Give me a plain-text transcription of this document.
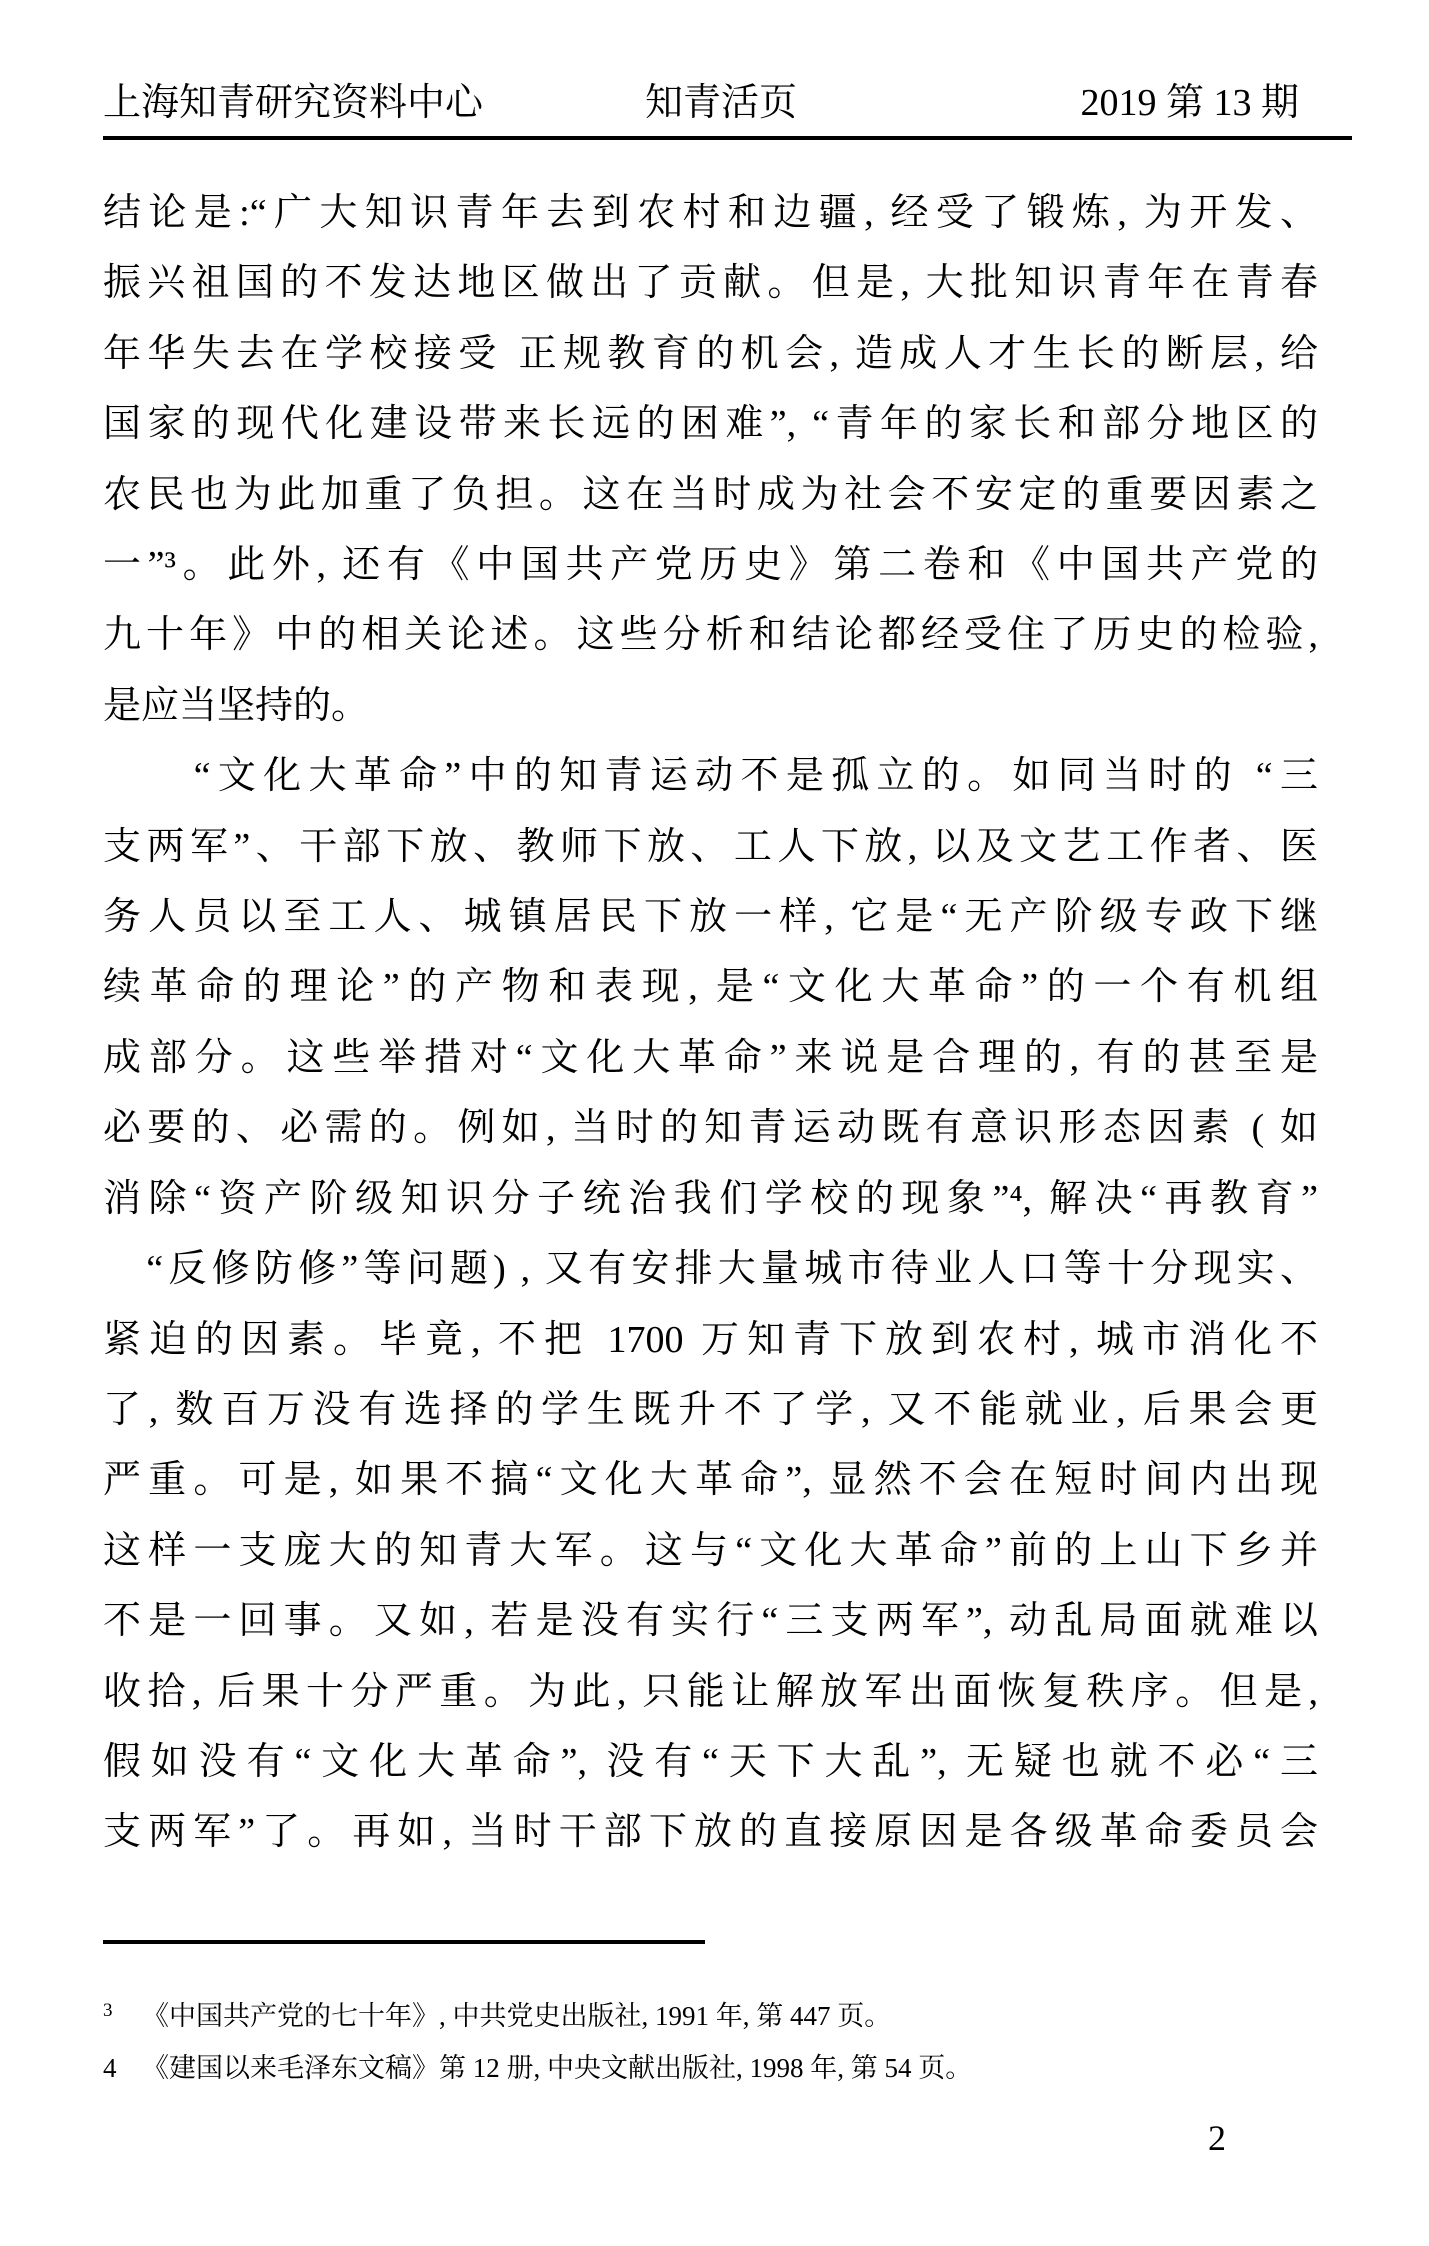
上海知青研究资料中心	知青活页	2019 第 13 期
结论是:“广大知识青年去到农村和边疆, 经受了锻炼, 为开发、
振兴祖国的不发达地区做出了贡献。但是, 大批知识青年在青春
年华失去在学校接受 正规教育的机会, 造成人才生长的断层, 给
国家的现代化建设带来长远的困难”, “青年的家长和部分地区的
农民也为此加重了负担。这在当时成为社会不安定的重要因素之
一”³。此外, 还有《中国共产党历史》第二卷和《中国共产党的
九十年》中的相关论述。这些分析和结论都经受住了历史的检验,
是应当坚持的。
　　“文化大革命”中的知青运动不是孤立的。如同当时的 “三
支两军”、干部下放、教师下放、工人下放, 以及文艺工作者、医
务人员以至工人、城镇居民下放一样, 它是“无产阶级专政下继
续革命的理论”的产物和表现, 是“文化大革命”的一个有机组
成部分。这些举措对“文化大革命”来说是合理的, 有的甚至是
必要的、必需的。例如, 当时的知青运动既有意识形态因素 ( 如
消除“资产阶级知识分子统治我们学校的现象”⁴, 解决“再教育”
　“反修防修”等问题) , 又有安排大量城市待业人口等十分现实、
紧迫的因素。毕竟, 不把 1700 万知青下放到农村, 城市消化不
了, 数百万没有选择的学生既升不了学, 又不能就业, 后果会更
严重。可是, 如果不搞“文化大革命”, 显然不会在短时间内出现
这样一支庞大的知青大军。这与“文化大革命”前的上山下乡并
不是一回事。又如, 若是没有实行“三支两军”, 动乱局面就难以
收拾, 后果十分严重。为此, 只能让解放军出面恢复秩序。但是,
假如没有“文化大革命”, 没有“天下大乱”, 无疑也就不必“三
支两军”了。再如, 当时干部下放的直接原因是各级革命委员会
3 《中国共产党的七十年》, 中共党史出版社, 1991 年, 第 447 页。
4 《建国以来毛泽东文稿》第 12 册, 中央文献出版社, 1998 年, 第 54 页。
2
